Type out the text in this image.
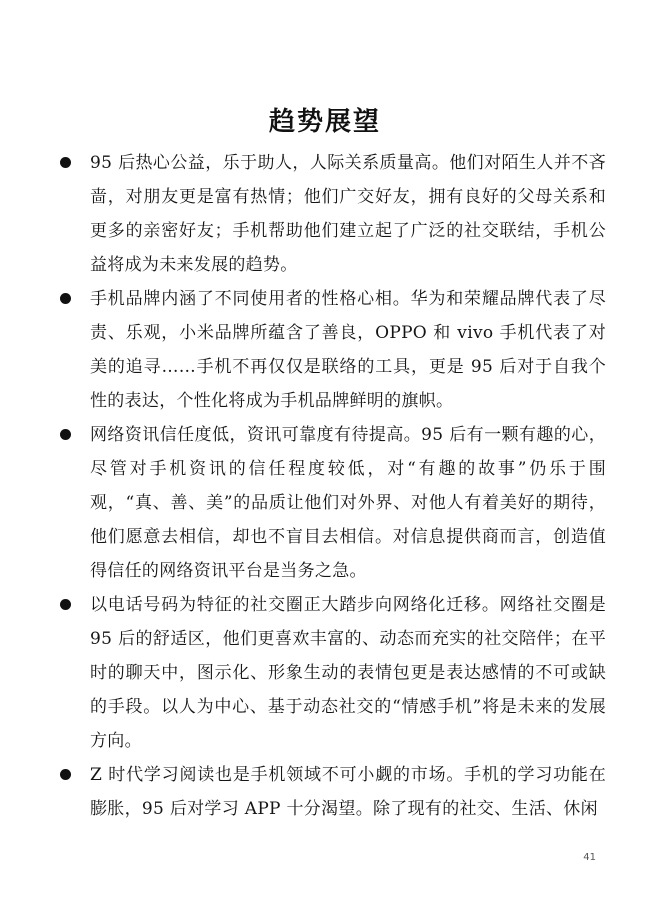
趋势展望
95 后热心公益，乐于助人，人际关系质量高。他们对陌生人并不吝啬，对朋友更是富有热情；他们广交好友，拥有良好的父母关系和更多的亲密好友；手机帮助他们建立起了广泛的社交联结，手机公益将成为未来发展的趋势。
手机品牌内涵了不同使用者的性格心相。华为和荣耀品牌代表了尽责、乐观，小米品牌所蕴含了善良，OPPO 和 vivo 手机代表了对美的追寻……手机不再仅仅是联络的工具，更是 95 后对于自我个性的表达，个性化将成为手机品牌鲜明的旗帜。
网络资讯信任度低，资讯可靠度有待提高。95 后有一颗有趣的心，尽管对手机资讯的信任程度较低，对“有趣的故事”仍乐于围观，“真、善、美”的品质让他们对外界、对他人有着美好的期待，他们愿意去相信，却也不盲目去相信。对信息提供商而言，创造值得信任的网络资讯平台是当务之急。
以电话号码为特征的社交圈正大踏步向网络化迁移。网络社交圈是 95 后的舒适区，他们更喜欢丰富的、动态而充实的社交陪伴；在平时的聊天中，图示化、形象生动的表情包更是表达感情的不可或缺的手段。以人为中心、基于动态社交的“情感手机”将是未来的发展方向。
Z 时代学习阅读也是手机领域不可小觑的市场。手机的学习功能在膨胀，95 后对学习 APP 十分渴望。除了现有的社交、生活、休闲
41
